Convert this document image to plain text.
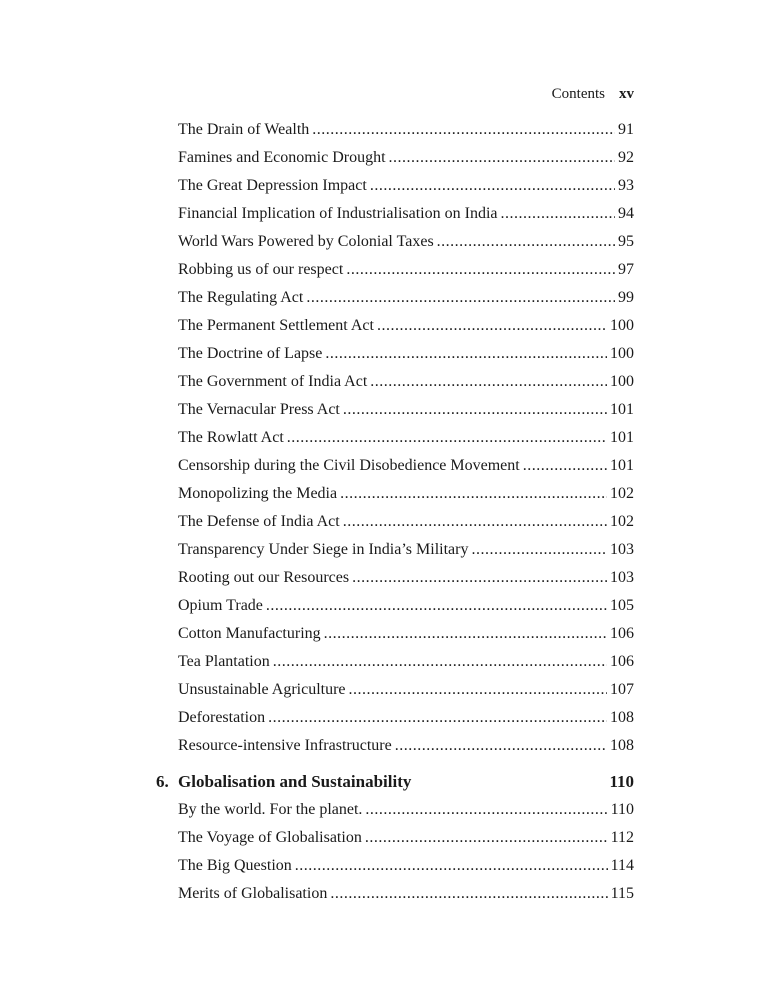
Contents xv
The Drain of Wealth .....	91
Famines and Economic Drought .....	92
The Great Depression Impact .....	93
Financial Implication of Industrialisation on India .....	94
World Wars Powered by Colonial Taxes .....	95
Robbing us of our respect .....	97
The Regulating Act .....	99
The Permanent Settlement Act .....	100
The Doctrine of Lapse .....	100
The Government of India Act .....	100
The Vernacular Press Act .....	101
The Rowlatt Act .....	101
Censorship during the Civil Disobedience Movement .....	101
Monopolizing the Media .....	102
The Defense of India Act .....	102
Transparency Under Siege in India’s Military .....	103
Rooting out our Resources .....	103
Opium Trade .....	105
Cotton Manufacturing .....	106
Tea Plantation .....	106
Unsustainable Agriculture .....	107
Deforestation .....	108
Resource-intensive Infrastructure .....	108
6. Globalisation and Sustainability	110
By the world. For the planet. .....	110
The Voyage of Globalisation .....	112
The Big Question .....	114
Merits of Globalisation .....	115
